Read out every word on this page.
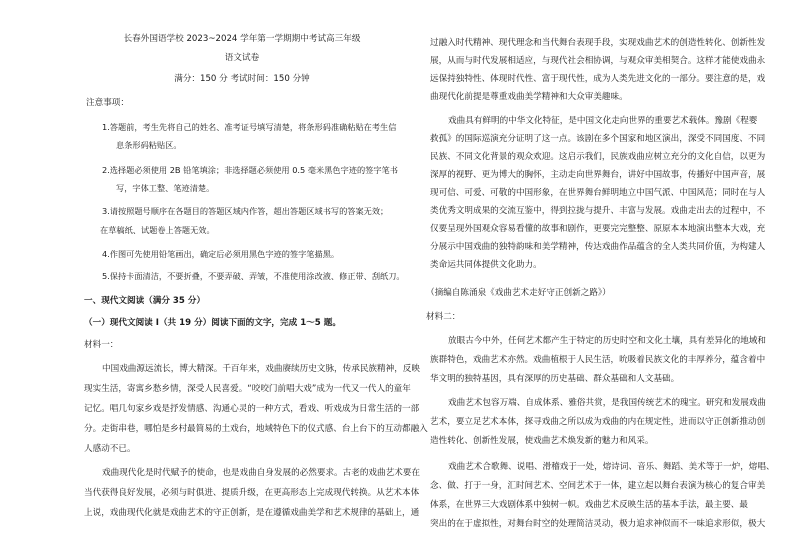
长春外国语学校 2023~2024 学年第一学期期中考试高三年级
语文试卷
满分：150 分 考试时间：150 分钟
注意事项：
1.答题前，考生先将自己的姓名、准考证号填写清楚，将条形码准确粘贴在考生信
息条形码粘贴区。
2.选择题必须使用 2B 铅笔填涂；非选择题必须使用 0.5 毫米黑色字迹的签字笔书
写，字体工整、笔迹清楚。
3.请按照题号顺序在各题目的答题区域内作答，超出答题区域书写的答案无效；
在草稿纸、试题卷上答题无效。
4.作图可先使用铅笔画出，确定后必须用黑色字迹的签字笔描黑。
5.保持卡面清洁，不要折叠，不要弄破、弄皱，不准使用涂改液、修正带、刮纸刀。
一、现代文阅读（满分 35 分）
（一）现代文阅读 I（共 19 分）阅读下面的文字，完成 1～5 题。
材料一：
中国戏曲源远流长，博大精深。千百年来，戏曲赓续历史文脉，传承民族精神，反映
现实生活，寄寓乡愁乡情，深受人民喜爱。“咬咬门前唱大戏”成为一代又一代人的童年
记忆。唱几句家乡戏是抒发情感、沟通心灵的一种方式，看戏、听戏成为日常生活的一部
分。走街串巷，哪怕是乡村最简易的土戏台，地域特色下的仪式感、台上台下的互动都融入
人感动不已。
戏曲现代化是时代赋予的使命，也是戏曲自身发展的必然要求。古老的戏曲艺术要在
当代获得良好发展，必须与时俱进、提质升级，在更高形态上完成现代转换。从艺术本体
上说，戏曲现代化就是戏曲艺术的守正创新，是在遵循戏曲美学和艺术规律的基础上，通
过融入时代精神、现代理念和当代舞台表现手段，实现戏曲艺术的创造性转化、创新性发
展，从而与时代发展相适应，与现代社会相协调，与观众审美相契合。这样才能使戏曲永
远保持独特性、体现时代性、富于现代性，成为人类先进文化的一部分。要注意的是，戏
曲现代化前提是尊重戏曲美学精神和大众审美趣味。
戏曲具有鲜明的中华文化特征，是中国文化走向世界的重要艺术载体。豫剧《程婴
救孤》的国际巡演充分证明了这一点。该剧在多个国家和地区演出，深受不同国度、不同
民族、不同文化背景的观众欢迎。这启示我们，民族戏曲应树立充分的文化自信，以更为
深厚的视野、更为博大的胸怀，主动走向世界舞台，讲好中国故事，传播好中国声音，展
现可信、可爱、可敬的中国形象，在世界舞台鲜明地立中国气派、中国风范；同时在与人
类优秀文明成果的交流互鉴中，得到拉拢与提升、丰富与发展。戏曲走出去的过程中，不
仅要呈现外国观众容易看懂的故事和剧作，更要完完整整、原原本本地演出整本大戏，充
分展示中国戏曲的独特韵味和美学精神，传达戏曲作品蕴含的全人类共同价值，为构建人
类命运共同体提供文化助力。
（摘编自陈涌泉《戏曲艺术走好守正创新之路》）
材料二：
放眼古今中外，任何艺术都产生于特定的历史时空和文化土壤，具有差异化的地域和
族群特色，戏曲艺术亦然。戏曲植根于人民生活，吮吸着民族文化的丰厚养分，蕴含着中
华文明的独特基因，具有深厚的历史基础、群众基础和人文基础。
戏曲艺术包容万端、自成体系、雅俗共赏，是我国传统艺术的瑰宝。研究和发展戏曲
艺术，要立足艺术本体，探寻戏曲之所以成为戏曲的内在规定性，进而以守正创新推动创
造性转化、创新性发展，使戏曲艺术焕发新的魅力和风采。
戏曲艺术合歌舞、说唱、滑稽戏于一处，熔诗词、音乐、舞蹈、美术等于一炉，熔唱、
念、做、打于一身，汇时间艺术、空间艺术于一体，建立起以舞台表演为核心的复合审美
体系，在世界三大戏剧体系中独树一帜。戏曲艺术反映生活的基本手法，最主要、最
突出的在于虚拟性，对舞台时空的处理简洁灵动，极力追求神似而不一味追求形似，极大
